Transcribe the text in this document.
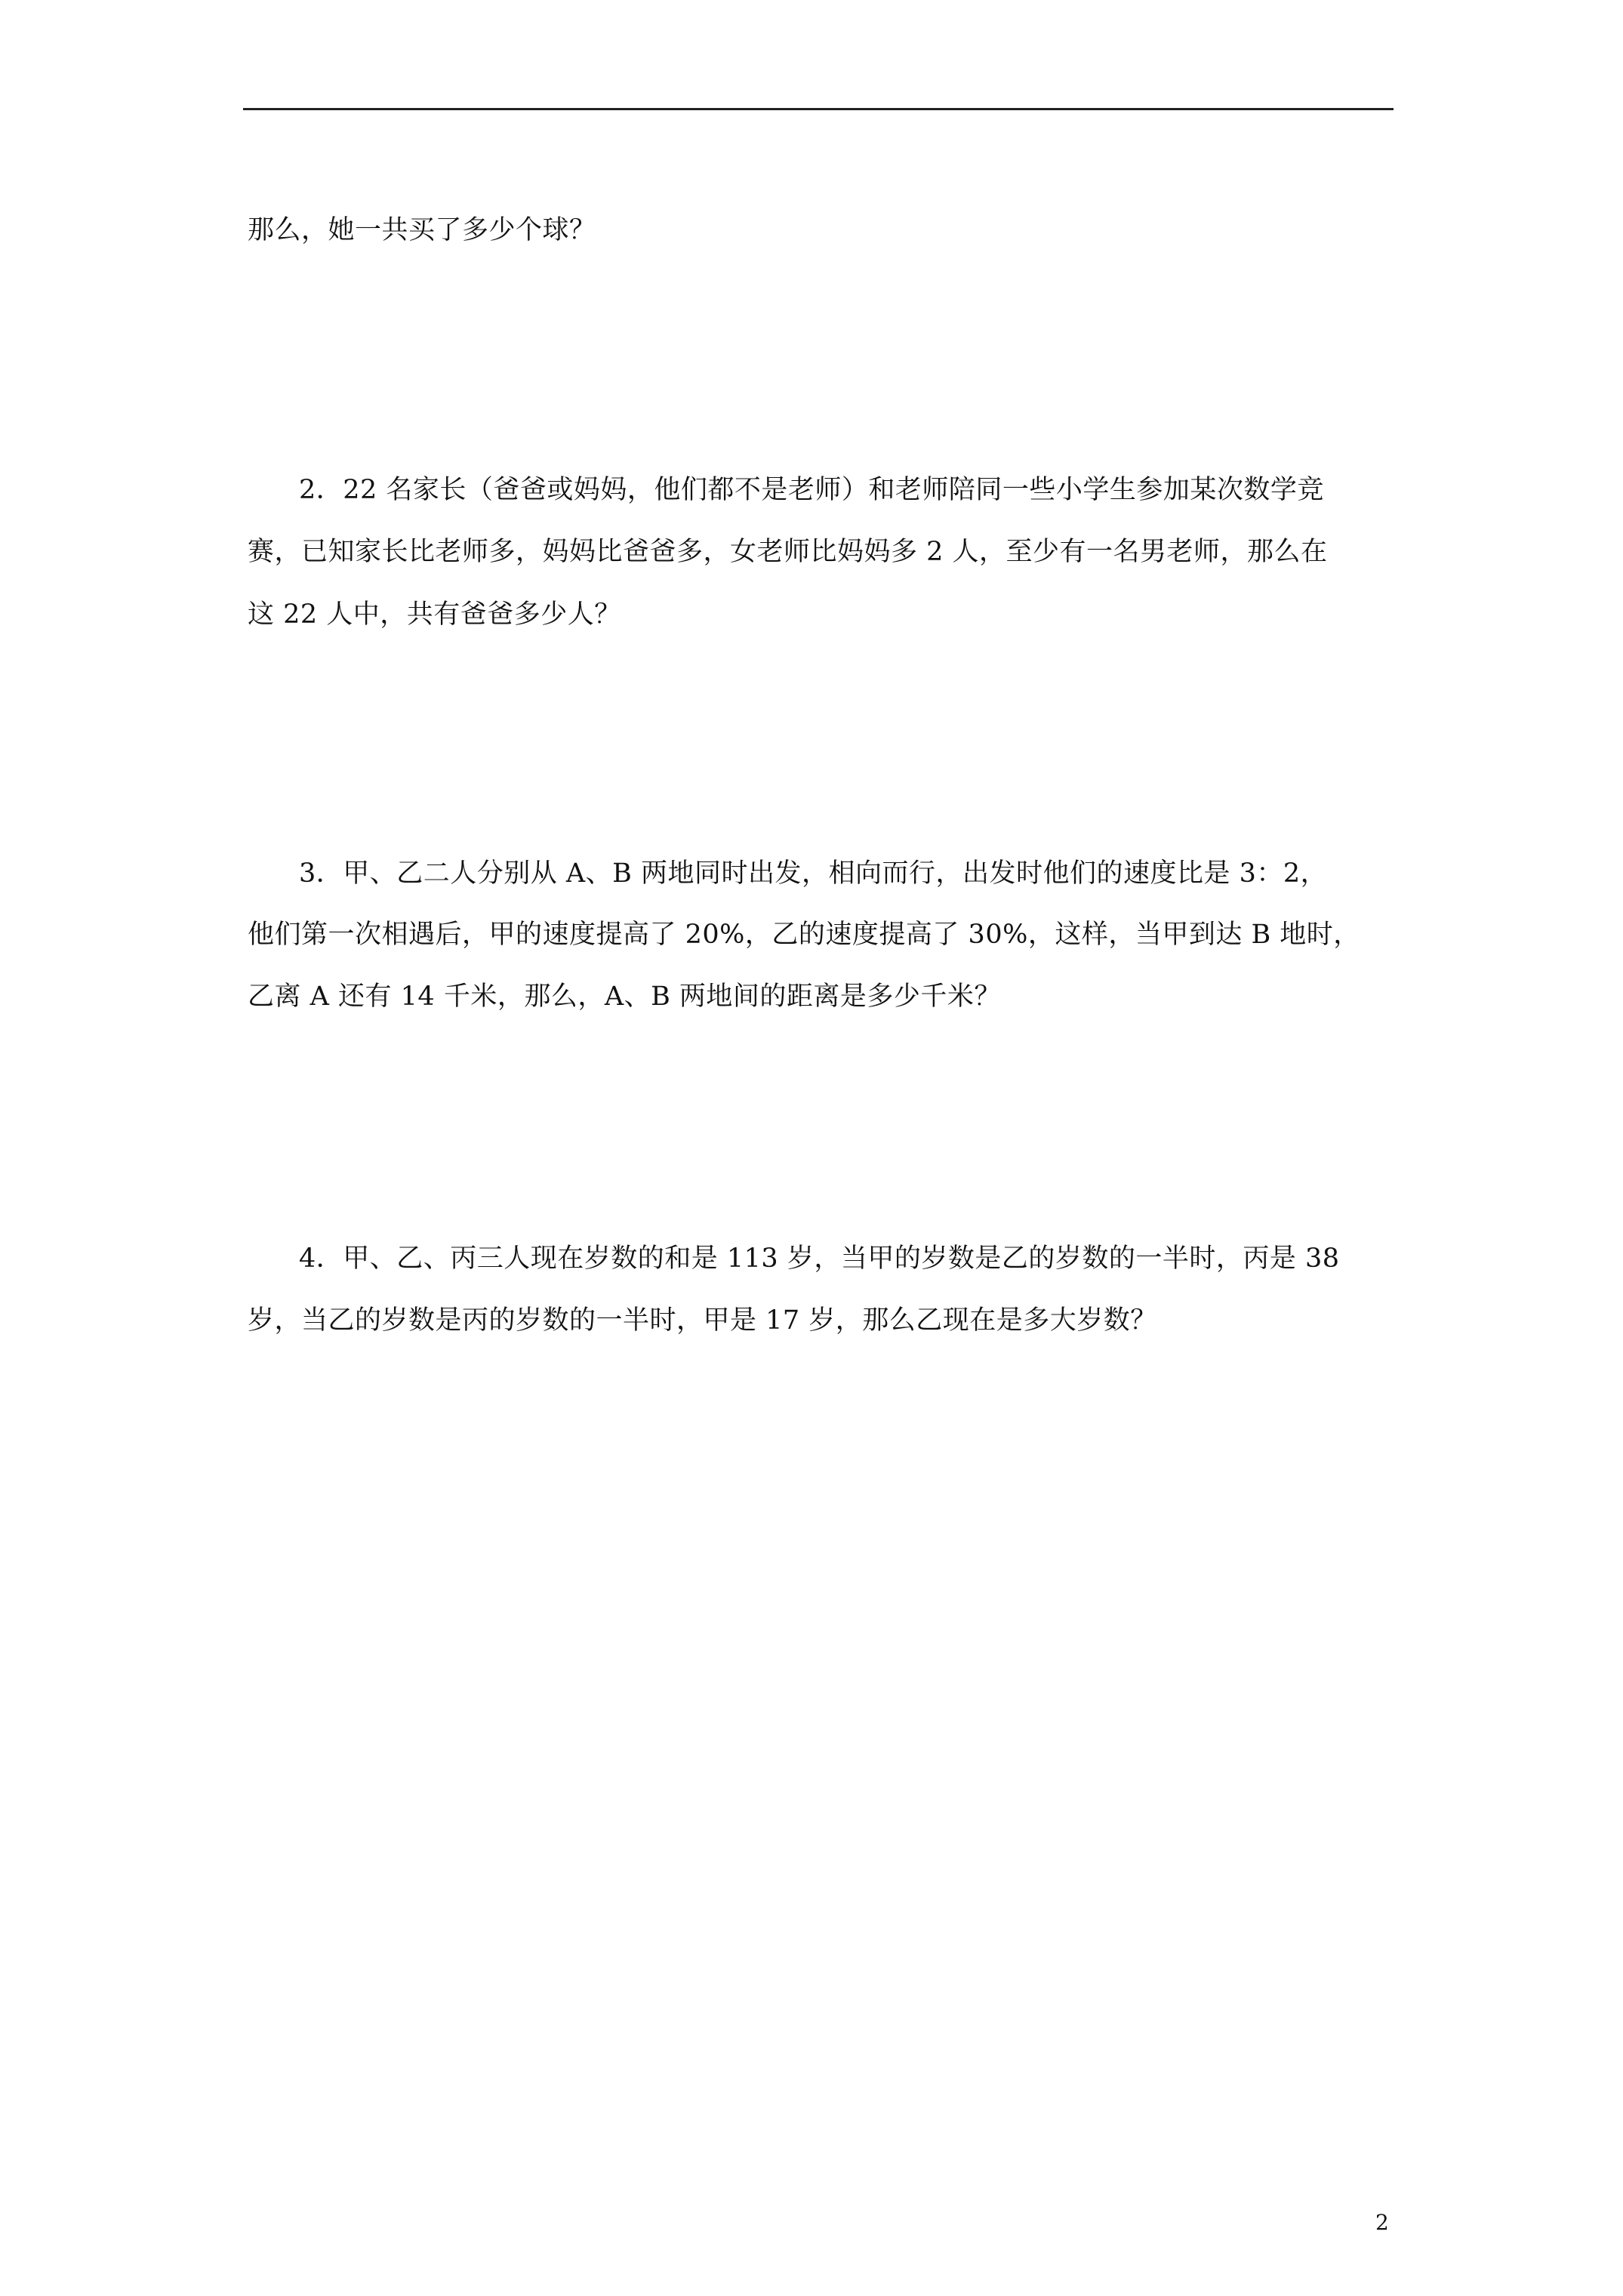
那么，她一共买了多少个球？
2．22 名家长（爸爸或妈妈，他们都不是老师）和老师陪同一些小学生参加某次数学竞
赛，已知家长比老师多，妈妈比爸爸多，女老师比妈妈多 2 人，至少有一名男老师，那么在
这 22 人中，共有爸爸多少人？
3．甲、乙二人分别从 A、B 两地同时出发，相向而行，出发时他们的速度比是 3：2，
他们第一次相遇后，甲的速度提高了 20%，乙的速度提高了 30%，这样，当甲到达 B 地时，
乙离 A 还有 14 千米，那么，A、B 两地间的距离是多少千米？
4．甲、乙、丙三人现在岁数的和是 113 岁，当甲的岁数是乙的岁数的一半时，丙是 38
岁，当乙的岁数是丙的岁数的一半时，甲是 17 岁，那么乙现在是多大岁数？
2
